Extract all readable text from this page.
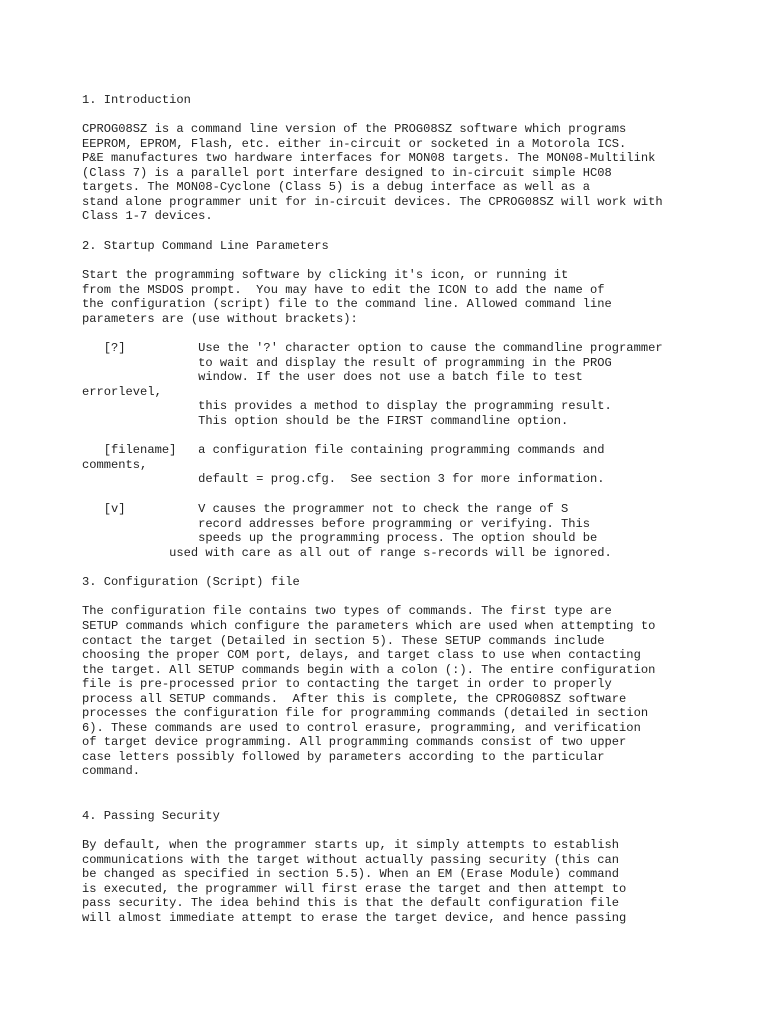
1. Introduction
CPROG08SZ is a command line version of the PROG08SZ software which programs
EEPROM, EPROM, Flash, etc. either in-circuit or socketed in a Motorola ICS.
P&E manufactures two hardware interfaces for MON08 targets. The MON08-Multilink
(Class 7) is a parallel port interfare designed to in-circuit simple HC08
targets. The MON08-Cyclone (Class 5) is a debug interface as well as a
stand alone programmer unit for in-circuit devices. The CPROG08SZ will work with
Class 1-7 devices.
2. Startup Command Line Parameters
Start the programming software by clicking it's icon, or running it
from the MSDOS prompt.  You may have to edit the ICON to add the name of
the configuration (script) file to the command line. Allowed command line
parameters are (use without brackets):
[?]          Use the '?' character option to cause the commandline programmer
to wait and display the result of programming in the PROG
window. If the user does not use a batch file to test
errorlevel,
this provides a method to display the programming result.
This option should be the FIRST commandline option.
[filename]   a configuration file containing programming commands and
comments,
default = prog.cfg.  See section 3 for more information.
[v]          V causes the programmer not to check the range of S
record addresses before programming or verifying. This
speeds up the programming process. The option should be
used with care as all out of range s-records will be ignored.
3. Configuration (Script) file
The configuration file contains two types of commands. The first type are
SETUP commands which configure the parameters which are used when attempting to
contact the target (Detailed in section 5). These SETUP commands include
choosing the proper COM port, delays, and target class to use when contacting
the target. All SETUP commands begin with a colon (:). The entire configuration
file is pre-processed prior to contacting the target in order to properly
process all SETUP commands.  After this is complete, the CPROG08SZ software
processes the configuration file for programming commands (detailed in section
6). These commands are used to control erasure, programming, and verification
of target device programming. All programming commands consist of two upper
case letters possibly followed by parameters according to the particular
command.
4. Passing Security
By default, when the programmer starts up, it simply attempts to establish
communications with the target without actually passing security (this can
be changed as specified in section 5.5). When an EM (Erase Module) command
is executed, the programmer will first erase the target and then attempt to
pass security. The idea behind this is that the default configuration file
will almost immediate attempt to erase the target device, and hence passing
